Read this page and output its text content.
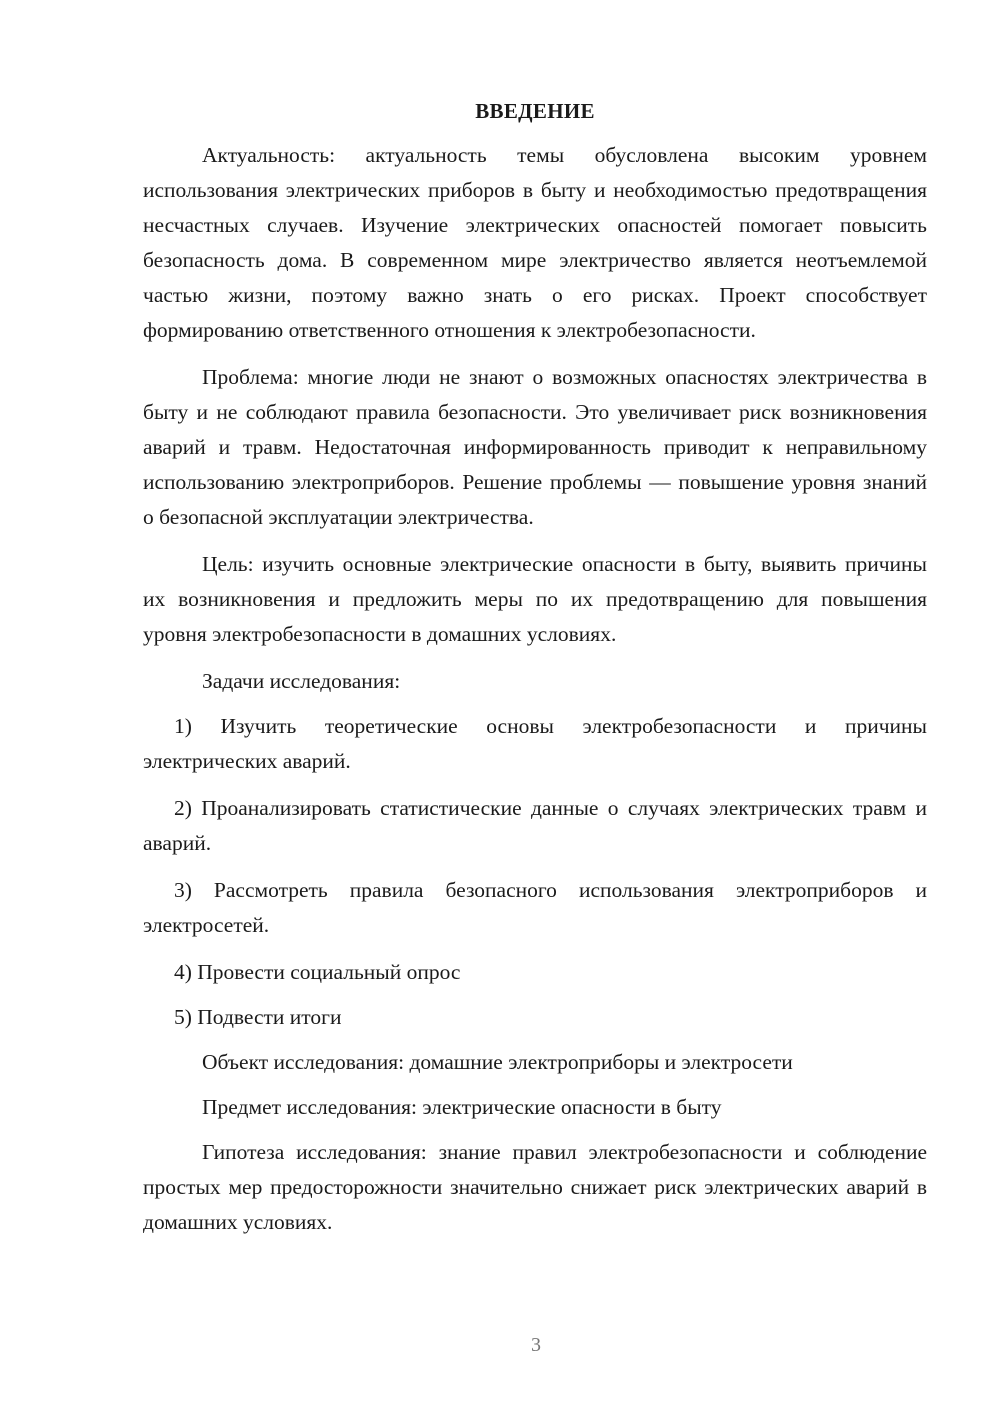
ВВЕДЕНИЕ
Актуальность: актуальность темы обусловлена высоким уровнем использования электрических приборов в быту и необходимостью предотвращения несчастных случаев. Изучение электрических опасностей помогает повысить безопасность дома. В современном мире электричество является неотъемлемой частью жизни, поэтому важно знать о его рисках. Проект способствует формированию ответственного отношения к электробезопасности.
Проблема: многие люди не знают о возможных опасностях электричества в быту и не соблюдают правила безопасности. Это увеличивает риск возникновения аварий и травм. Недостаточная информированность приводит к неправильному использованию электроприборов. Решение проблемы — повышение уровня знаний о безопасной эксплуатации электричества.
Цель: изучить основные электрические опасности в быту, выявить причины их возникновения и предложить меры по их предотвращению для повышения уровня электробезопасности в домашних условиях.
Задачи исследования:
1) Изучить теоретические основы электробезопасности и причины электрических аварий.
2) Проанализировать статистические данные о случаях электрических травм и аварий.
3) Рассмотреть правила безопасного использования электроприборов и электросетей.
4) Провести социальный опрос
5) Подвести итоги
Объект исследования: домашние электроприборы и электросети
Предмет исследования: электрические опасности в быту
Гипотеза исследования: знание правил электробезопасности и соблюдение простых мер предосторожности значительно снижает риск электрических аварий в домашних условиях.
3
